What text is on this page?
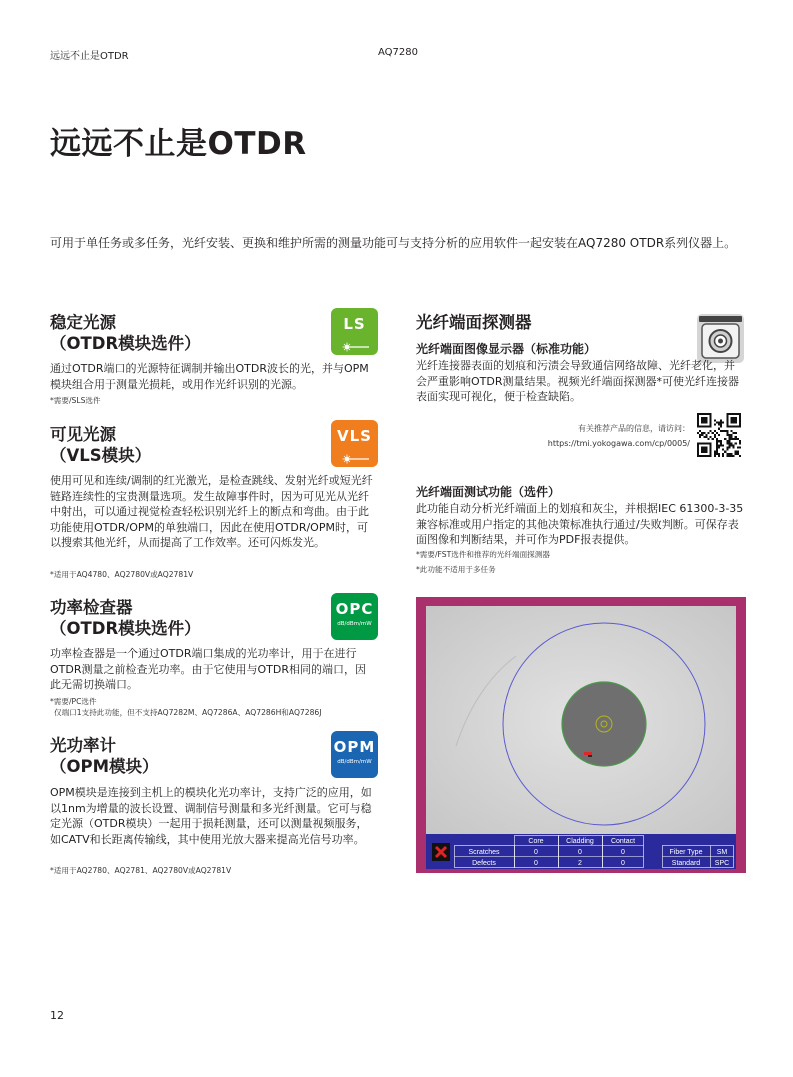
远远不止是OTDR	AQ7280
远远不止是OTDR
可用于单任务或多任务，光纤安装、更换和维护所需的测量功能可与支持分析的应用软件一起安装在AQ7280 OTDR系列仪器上。
稳定光源
（OTDR模块选件）
LS
通过OTDR端口的光源特征调制并输出OTDR波长的光，并与OPM模块组合用于测量光损耗，或用作光纤识别的光源。
*需要/SLS选件
可见光源
（VLS模块）
VLS
使用可见和连续/调制的红光激光，是检查跳线、发射光纤或短光纤链路连续性的宝贵测量选项。发生故障事件时，因为可见光从光纤中射出，可以通过视觉检查轻松识别光纤上的断点和弯曲。由于此功能使用OTDR/OPM的单独端口，因此在使用OTDR/OPM时，可以搜索其他光纤，从而提高了工作效率。还可闪烁发光。
*适用于AQ4780、AQ2780V或AQ2781V
功率检查器
（OTDR模块选件）
OPC
dB/dBm/mW
功率检查器是一个通过OTDR端口集成的光功率计，用于在进行OTDR测量之前检查光功率。由于它使用与OTDR相同的端口，因此无需切换端口。
*需要/PC选件
仅端口1支持此功能，但不支持AQ7282M、AQ7286A、AQ7286H和AQ7286J
光功率计
（OPM模块）
OPM
dB/dBm/mW
OPM模块是连接到主机上的模块化光功率计，支持广泛的应用，如以1nm为增量的波长设置、调制信号测量和多光纤测量。它可与稳定光源（OTDR模块）一起用于损耗测量，还可以测量视频服务，如CATV和长距离传输线，其中使用光放大器来提高光信号功率。
*适用于AQ2780、AQ2781、AQ2780V或AQ2781V
光纤端面探测器
光纤端面图像显示器（标准功能）
光纤连接器表面的划痕和污渍会导致通信网络故障、光纤老化，并会严重影响OTDR测量结果。视频光纤端面探测器*可使光纤连接器表面实现可视化，便于检查缺陷。
有关推荐产品的信息，请访问：
https://tmi.yokogawa.com/cp/0005/
光纤端面测试功能（选件）
此功能自动分析光纤端面上的划痕和灰尘，并根据IEC 61300-3-35兼容标准或用户指定的其他决策标准执行通过/失败判断。可保存表面图像和判断结果，并可作为PDF报表提供。
*需要/FST选件和推荐的光纤端面探测器
*此功能不适用于多任务
Core	Cladding Contact
Scratches	0	0	0
Defects	0	2	0
Fiber Type SM
Standard SPC
12
